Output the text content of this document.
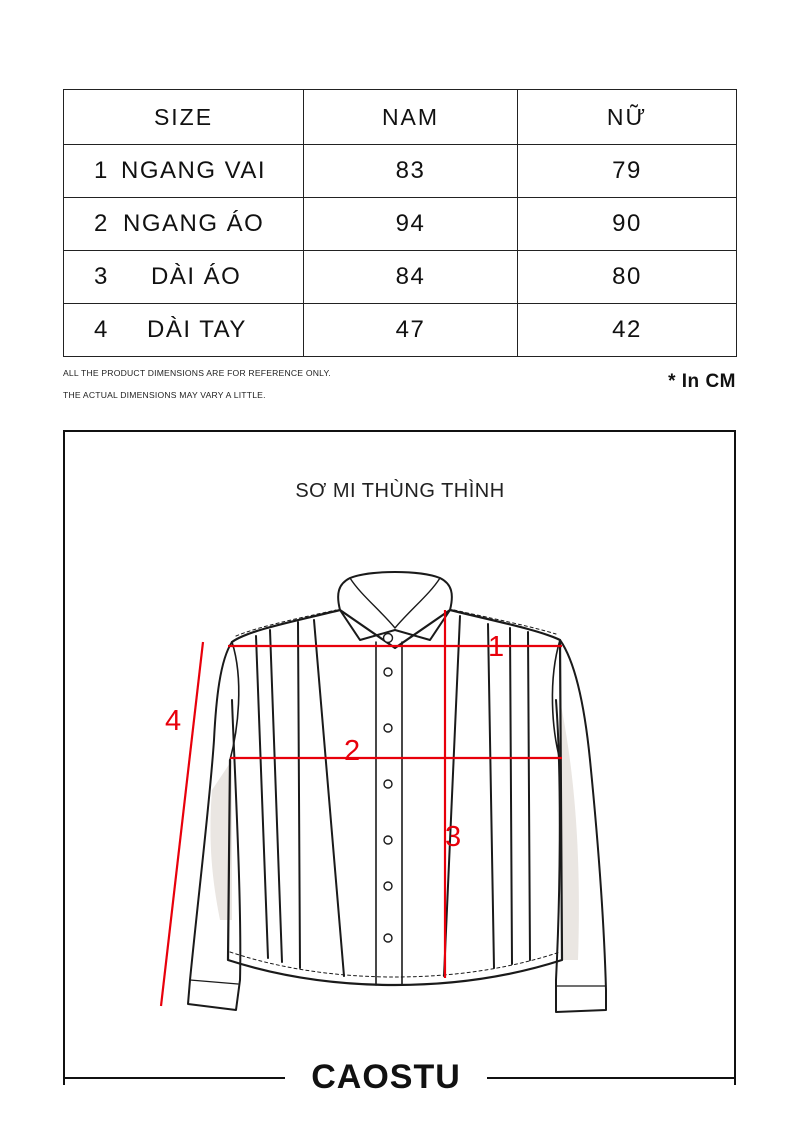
SIZE	NAM	NỮ

1 NGANG VAI	83	79

2 NGANG ÁO	94	90

3 DÀI ÁO	84	80

4 DÀI TAY	47	42
ALL THE PRODUCT DIMENSIONS ARE FOR REFERENCE ONLY.
THE ACTUAL DIMENSIONS MAY VARY A LITTLE.
* In CM
SƠ MI THÙNG THÌNH
1
2
3
4
CAOSTU
